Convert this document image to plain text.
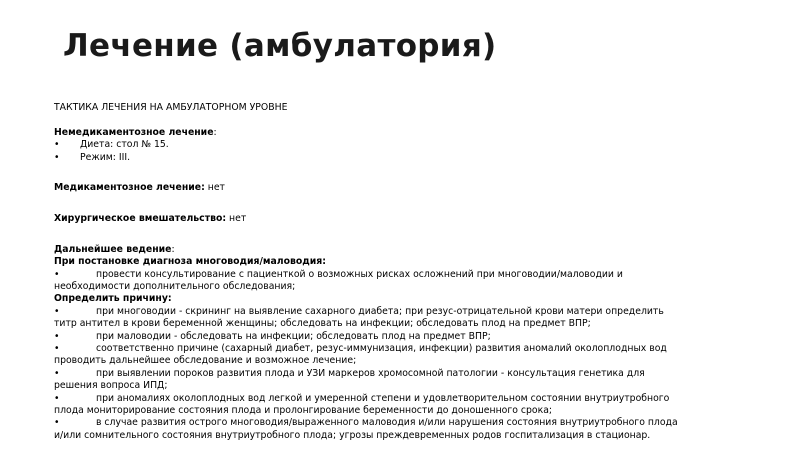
Лечение (амбулатория)
ТАКТИКА ЛЕЧЕНИЯ НА АМБУЛАТОРНОМ УРОВНЕ
Немедикаментозное лечение:
• Диета: стол № 15.
• Режим: III.
Медикаментозное лечение: нет
Хирургическое вмешательство: нет
Дальнейшее ведение:
При постановке диагноза многоводия/маловодия:
•	провести консультирование с пациенткой о возможных рисках осложнений при многоводии/маловодии и
необходимости дополнительного обследования;
Определить причину:
•	при многоводии - скрининг на выявление сахарного диабета; при резус-отрицательной крови матери определить
титр антител в крови беременной женщины; обследовать на инфекции; обследовать плод на предмет ВПР;
•	при маловодии - обследовать на инфекции; обследовать плод на предмет ВПР;
•	соответственно причине (сахарный диабет, резус-иммунизация, инфекции) развития аномалий околоплодных вод
проводить дальнейшее обследование и возможное лечение;
•	при выявлении пороков развития плода и УЗИ маркеров хромосомной патологии - консультация генетика для
решения вопроса ИПД;
•	при аномалиях околоплодных вод легкой и умеренной степени и удовлетворительном состоянии внутриутробного
плода мониторирование состояния плода и пролонгирование беременности до доношенного срока;
•	в случае развития острого многоводия/выраженного маловодия и/или нарушения состояния внутриутробного плода
и/или сомнительного состояния внутриутробного плода; угрозы преждевременных родов госпитализация в стационар.
